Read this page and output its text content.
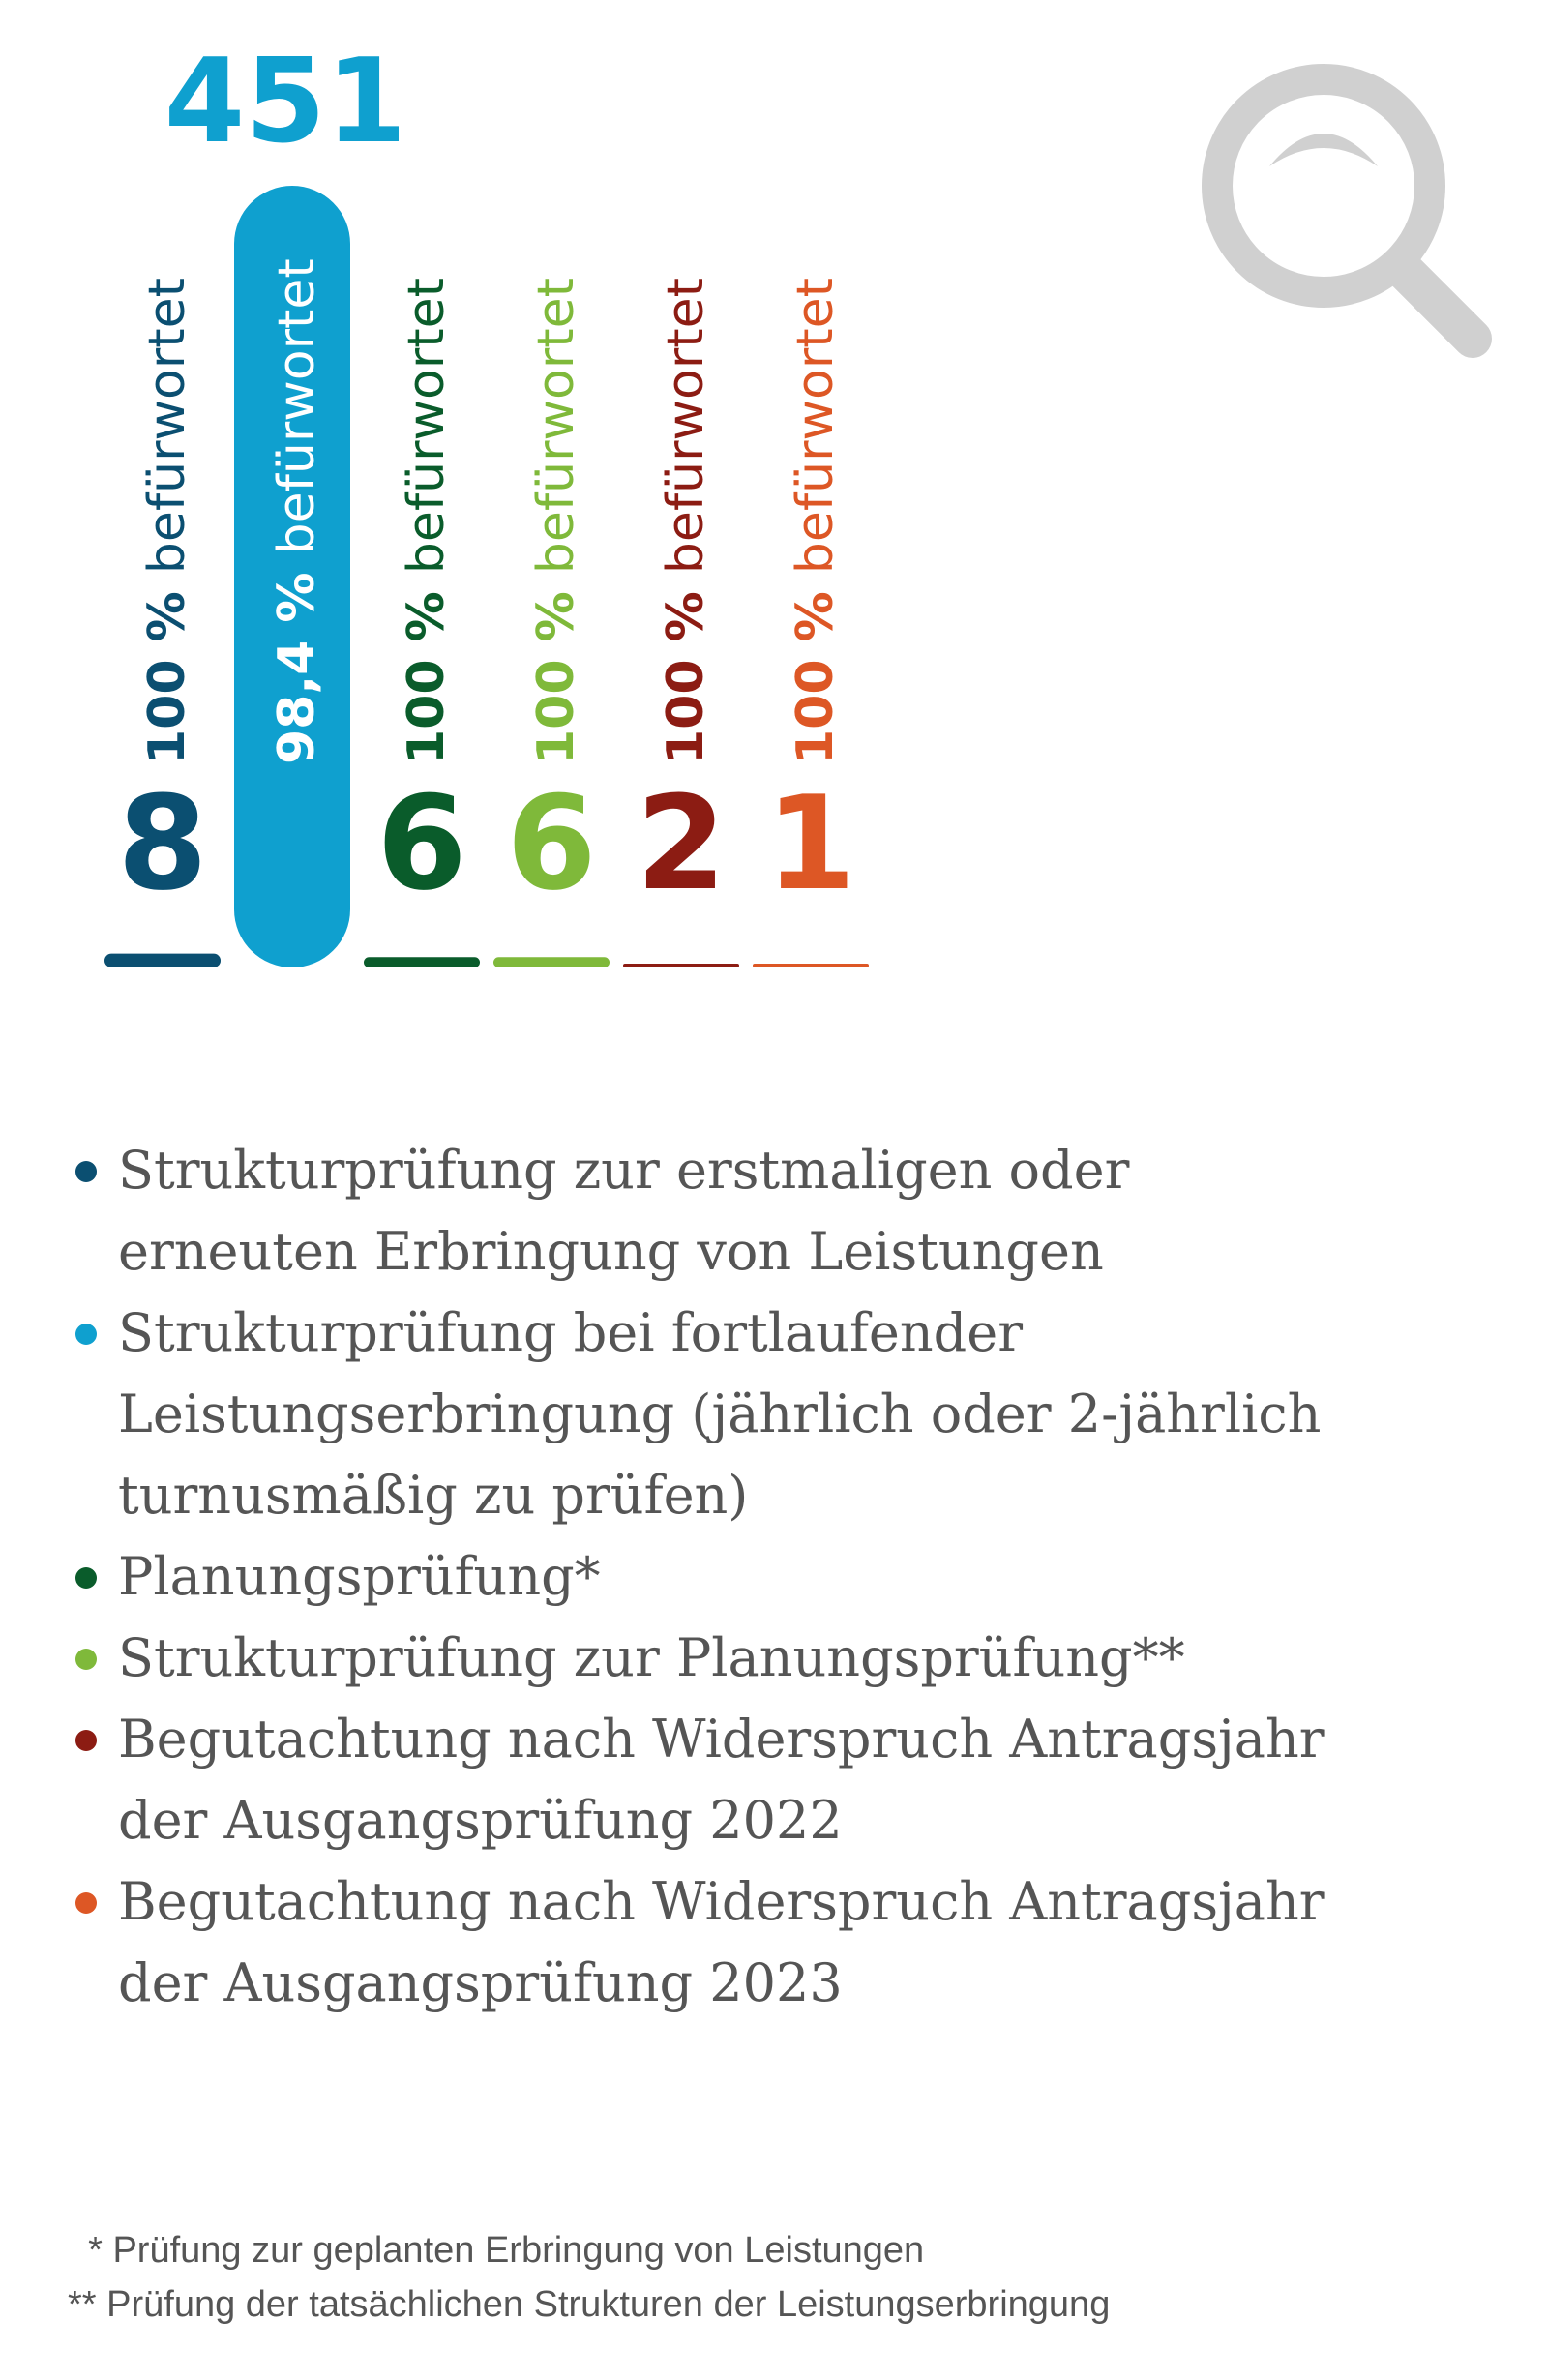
8
100 % befürwortet
451
98,4 % befürwortet
6
100 % befürwortet
6
100 % befürwortet
2
100 % befürwortet
1
100 % befürwortet
Strukturprüfung zur erstmaligen oder
erneuten Erbringung von Leistungen
Strukturprüfung bei fortlaufender
Leistungserbringung (jährlich oder 2-jährlich
turnusmäßig zu prüfen)
Planungsprüfung*
Strukturprüfung zur Planungsprüfung**
Begutachtung nach Widerspruch Antragsjahr
der Ausgangsprüfung 2022
Begutachtung nach Widerspruch Antragsjahr
der Ausgangsprüfung 2023
* Prüfung zur geplanten Erbringung von Leistungen
** Prüfung der tatsächlichen Strukturen der Leistungserbringung
